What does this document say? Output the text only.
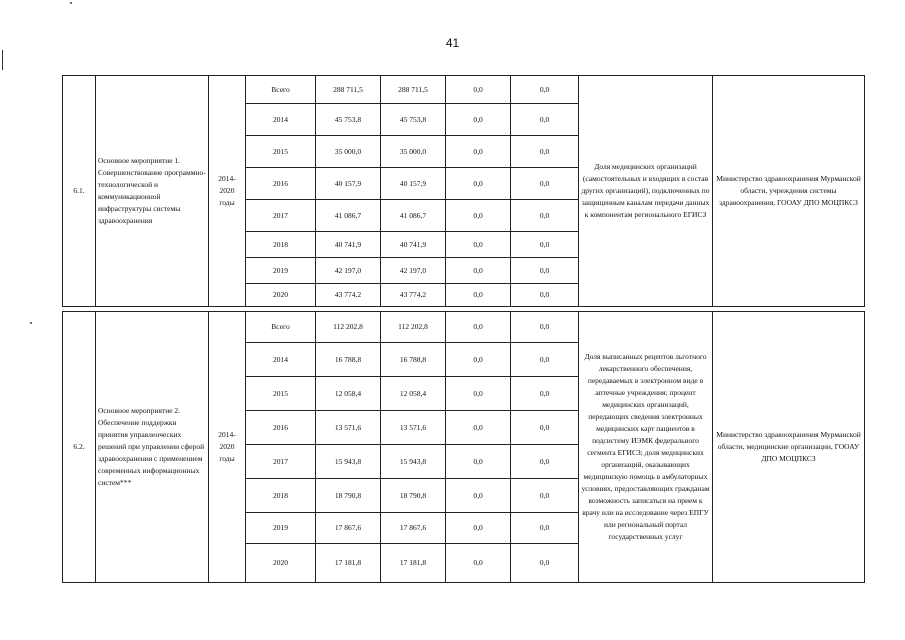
41
6.1.	Основное мероприятие 1. Совершенствование программно-технологической и коммуникационной инфраструктуры системы здравоохранения	2014-2020 годы	Всего	288 711,5	288 711,5	0,0	0,0	Доля медицинских организаций (самостоятельных и входящих в состав других организаций), подключенных по защищенным каналам передачи данных к компонентам регионального ЕГИСЗ	Министерство здравоохранения Мурманской области, учреждения системы здравоохранения, ГООАУ ДПО МОЦПКСЗ
			2014	45 753,8	45 753,8	0,0	0,0		
			2015	35 000,0	35 000,0	0,0	0,0		
			2016	40 157,9	40 157,9	0,0	0,0		
			2017	41 086,7	41 086,7	0,0	0,0		
			2018	40 741,9	40 741,9	0,0	0,0		
			2019	42 197,0	42 197,0	0,0	0,0		
			2020	43 774,2	43 774,2	0,0	0,0		

6.2.	Основное мероприятие 2. Обеспечение поддержки принятия управленческих решений при управлении сферой здравоохранения с применением современных информационных систем***	2014-2020 годы	Всего	112 202,8	112 202,8	0,0	0,0	Доля выписанных рецептов льготного лекарственного обеспечения, передаваемых в электронном виде в аптечные учреждения; процент медицинских организаций, передающих сведения электронных медицинских карт пациентов в подсистему ИЭМК федерального сегмента ЕГИСЗ; доля медицинских организаций, оказывающих медицинскую помощь в амбулаторных условиях, предоставляющих гражданам возможность записаться на прием к врачу или на исследование через ЕПГУ или региональный портал государственных услуг	Министерство здравоохранения Мурманской области, медицинские организации, ГООАУ ДПО МОЦПКСЗ
			2014	16 788,8	16 788,8	0,0	0,0		
			2015	12 058,4	12 058,4	0,0	0,0		
			2016	13 571,6	13 571,6	0,0	0,0		
			2017	15 943,8	15 943,8	0,0	0,0		
			2018	18 790,8	18 790,8	0,0	0,0		
			2019	17 867,6	17 867,6	0,0	0,0		
			2020	17 181,8	17 181,8	0,0	0,0		
